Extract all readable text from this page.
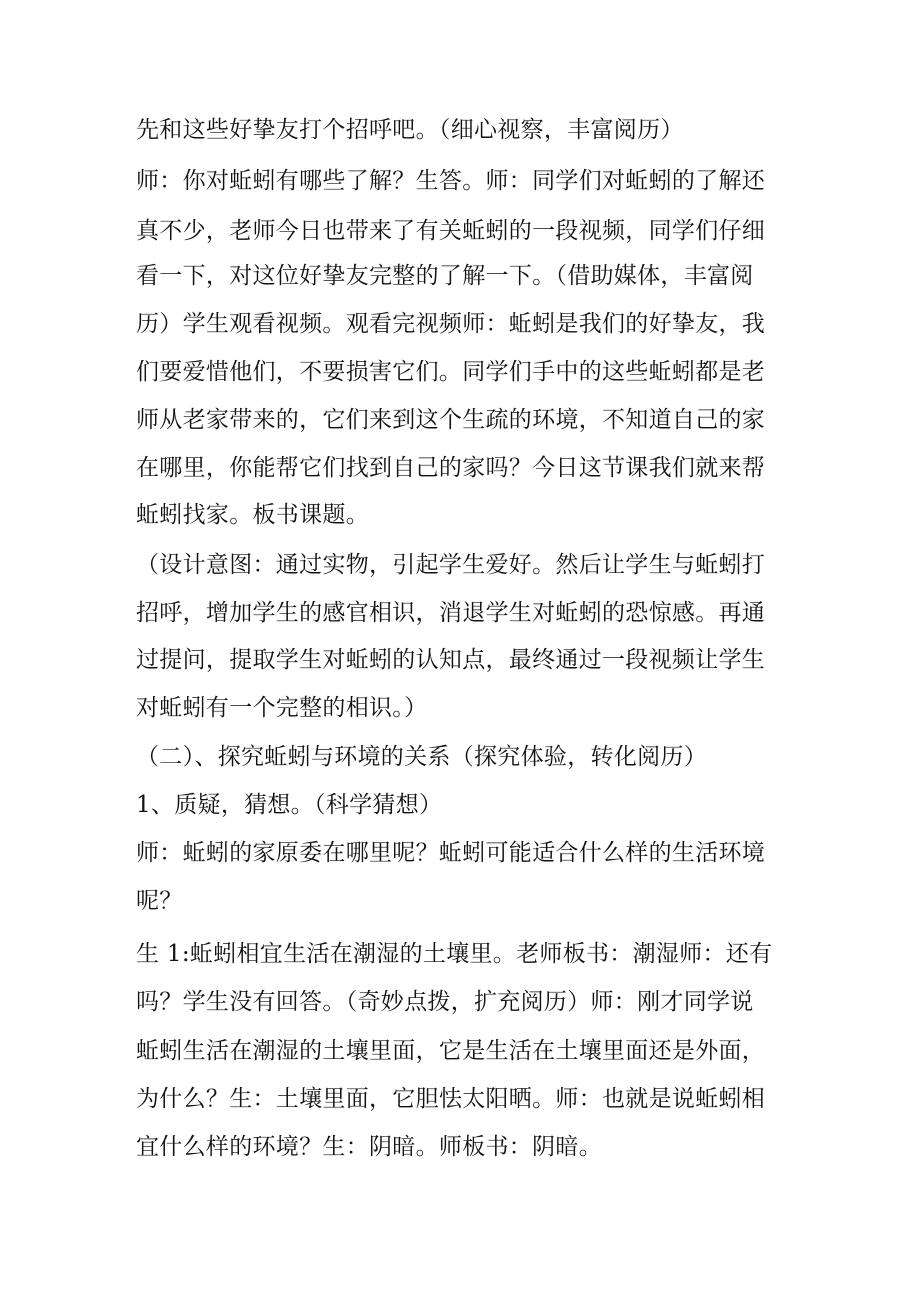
先和这些好挚友打个招呼吧。（细心视察，丰富阅历）
师：你对蚯蚓有哪些了解？生答。师：同学们对蚯蚓的了解还
真不少，老师今日也带来了有关蚯蚓的一段视频，同学们仔细
看一下，对这位好挚友完整的了解一下。（借助媒体，丰富阅
历）学生观看视频。观看完视频师：蚯蚓是我们的好挚友，我
们要爱惜他们，不要损害它们。同学们手中的这些蚯蚓都是老
师从老家带来的，它们来到这个生疏的环境，不知道自己的家
在哪里，你能帮它们找到自己的家吗？今日这节课我们就来帮
蚯蚓找家。板书课题。
（设计意图：通过实物，引起学生爱好。然后让学生与蚯蚓打
招呼，增加学生的感官相识，消退学生对蚯蚓的恐惊感。再通
过提问，提取学生对蚯蚓的认知点，最终通过一段视频让学生
对蚯蚓有一个完整的相识。）
（二）、探究蚯蚓与环境的关系（探究体验，转化阅历）
1、质疑，猜想。（科学猜想）
师：蚯蚓的家原委在哪里呢？蚯蚓可能适合什么样的生活环境
呢？
生 1:蚯蚓相宜生活在潮湿的土壤里。老师板书：潮湿师：还有
吗？学生没有回答。（奇妙点拨，扩充阅历）师：刚才同学说
蚯蚓生活在潮湿的土壤里面，它是生活在土壤里面还是外面，
为什么？生：土壤里面，它胆怯太阳晒。师：也就是说蚯蚓相
宜什么样的环境？生：阴暗。师板书：阴暗。
